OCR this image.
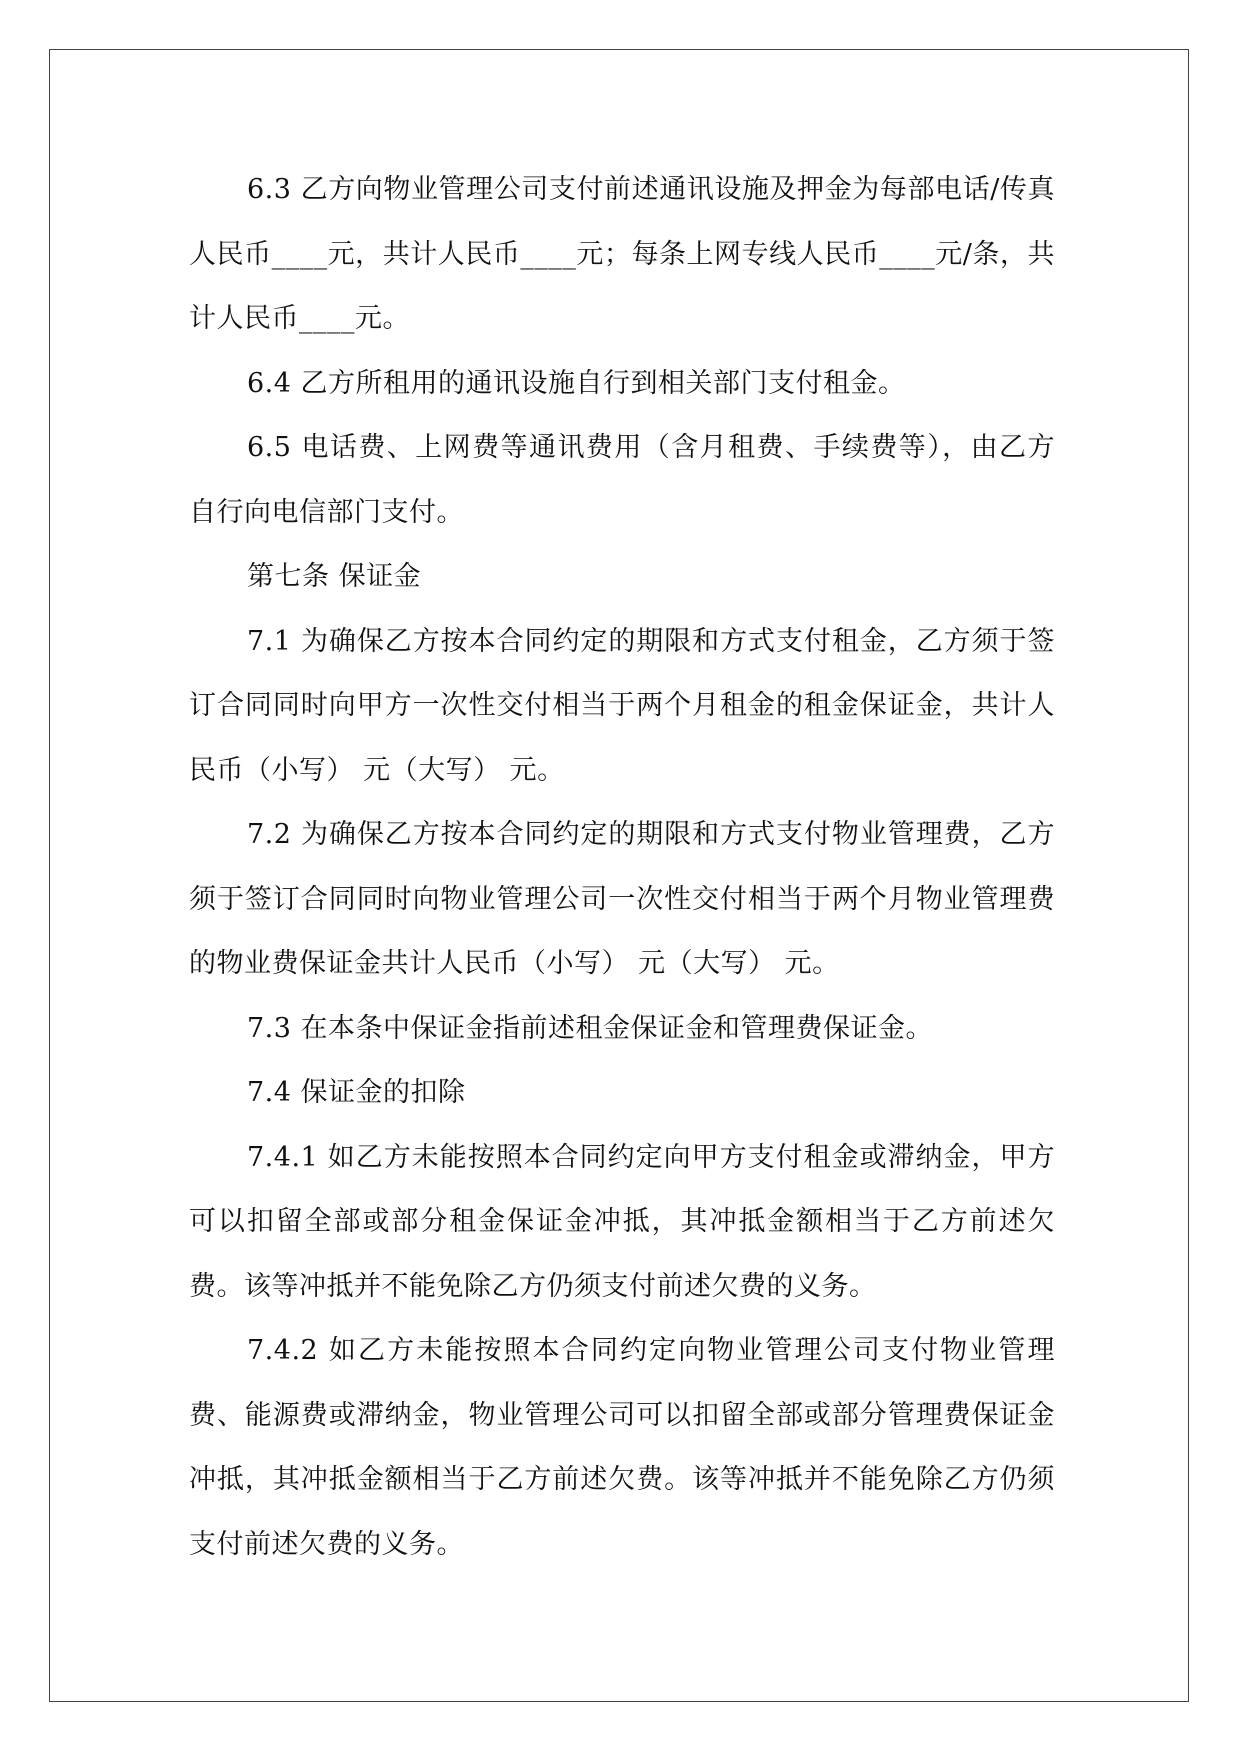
6.3 乙方向物业管理公司支付前述通讯设施及押金为每部电话/传真人民币____元，共计人民币____元；每条上网专线人民币____元/条，共计人民币____元。

6.4 乙方所租用的通讯设施自行到相关部门支付租金。

6.5 电话费、上网费等通讯费用（含月租费、手续费等），由乙方自行向电信部门支付。

第七条 保证金

7.1 为确保乙方按本合同约定的期限和方式支付租金，乙方须于签订合同同时向甲方一次性交付相当于两个月租金的租金保证金，共计人民币（小写） 元（大写） 元。

7.2 为确保乙方按本合同约定的期限和方式支付物业管理费，乙方须于签订合同同时向物业管理公司一次性交付相当于两个月物业管理费的物业费保证金共计人民币（小写） 元（大写） 元。

7.3 在本条中保证金指前述租金保证金和管理费保证金。

7.4 保证金的扣除

7.4.1 如乙方未能按照本合同约定向甲方支付租金或滞纳金，甲方可以扣留全部或部分租金保证金冲抵，其冲抵金额相当于乙方前述欠费。该等冲抵并不能免除乙方仍须支付前述欠费的义务。

7.4.2 如乙方未能按照本合同约定向物业管理公司支付物业管理费、能源费或滞纳金，物业管理公司可以扣留全部或部分管理费保证金冲抵，其冲抵金额相当于乙方前述欠费。该等冲抵并不能免除乙方仍须支付前述欠费的义务。
